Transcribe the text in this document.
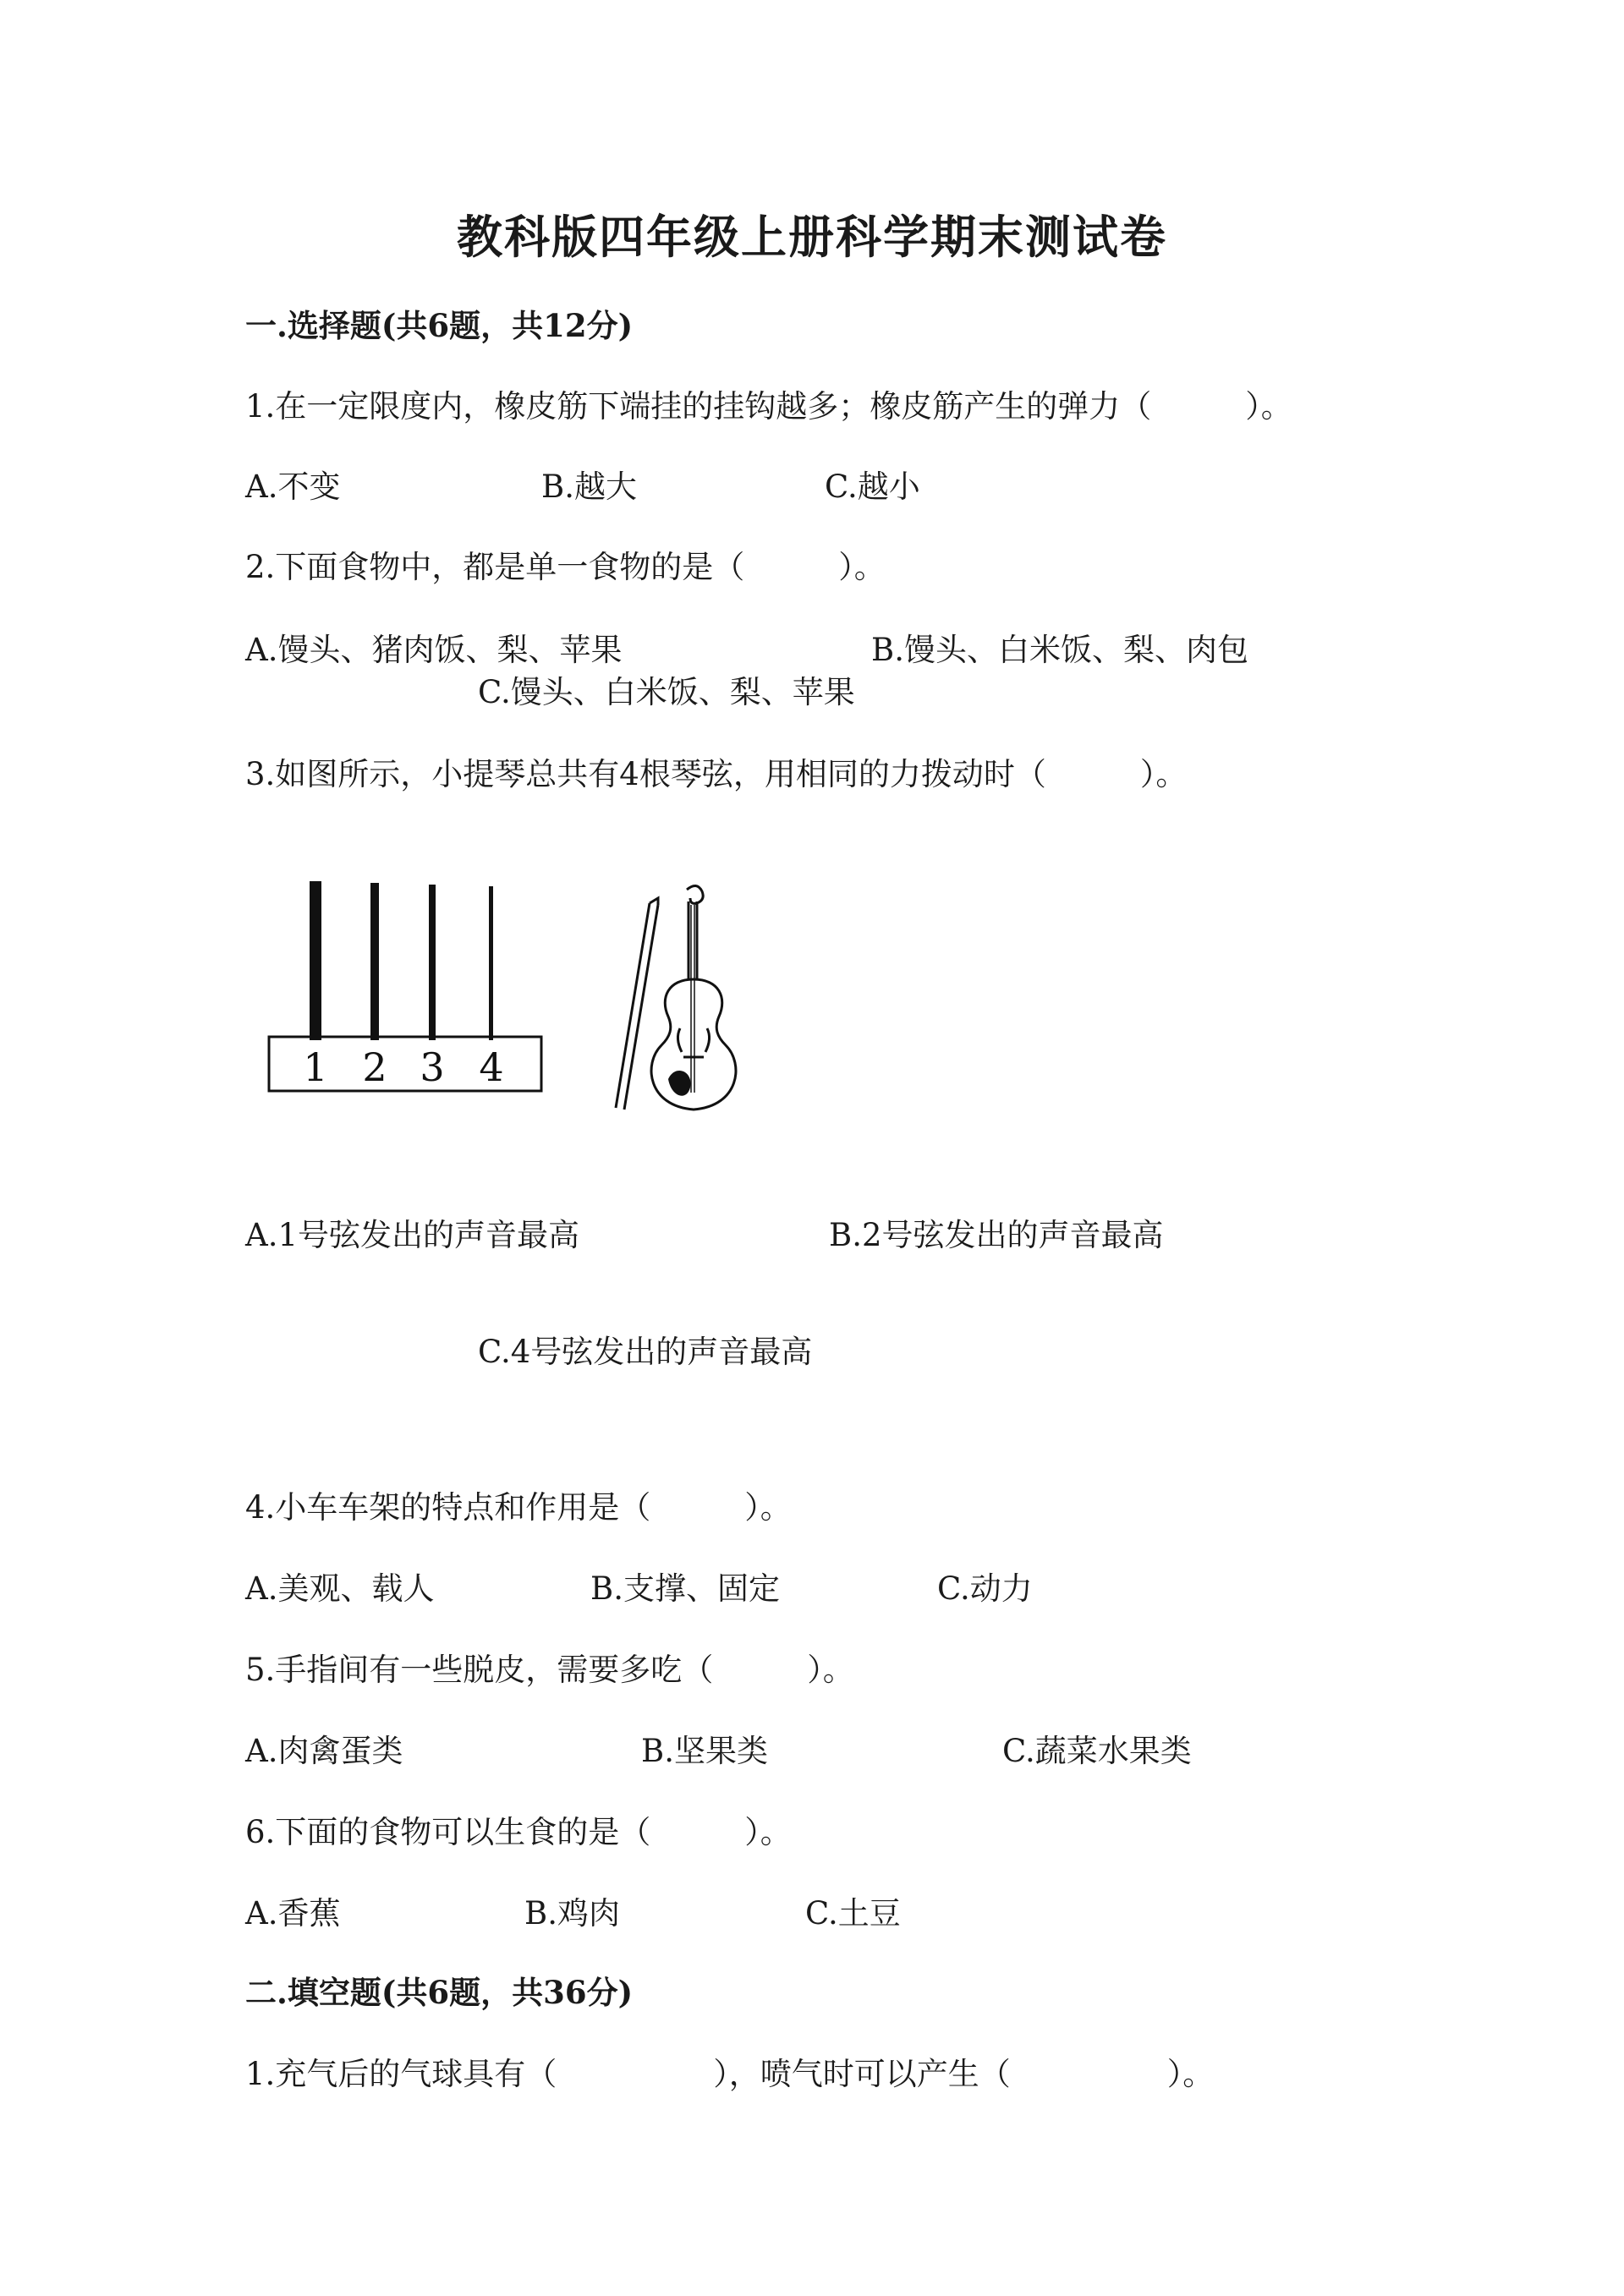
教科版四年级上册科学期末测试卷
一.选择题(共6题，共12分)
1.在一定限度内，橡皮筋下端挂的挂钩越多；橡皮筋产生的弹力（　　　）。
A.不变	B.越大	C.越小
2.下面食物中，都是单一食物的是（　　　）。
A.馒头、猪肉饭、梨、苹果	B.馒头、白米饭、梨、肉包
C.馒头、白米饭、梨、苹果
3.如图所示，小提琴总共有4根琴弦，用相同的力拨动时（　　　）。
1 2 3 4
A.1号弦发出的声音最高	B.2号弦发出的声音最高
C.4号弦发出的声音最高
4.小车车架的特点和作用是（　　　）。
A.美观、载人	B.支撑、固定	C.动力
5.手指间有一些脱皮，需要多吃（　　　）。
A.肉禽蛋类	B.坚果类	C.蔬菜水果类
6.下面的食物可以生食的是（　　　）。
A.香蕉	B.鸡肉	C.土豆
二.填空题(共6题，共36分)
1.充气后的气球具有（　　　　　），喷气时可以产生（　　　　　）。
